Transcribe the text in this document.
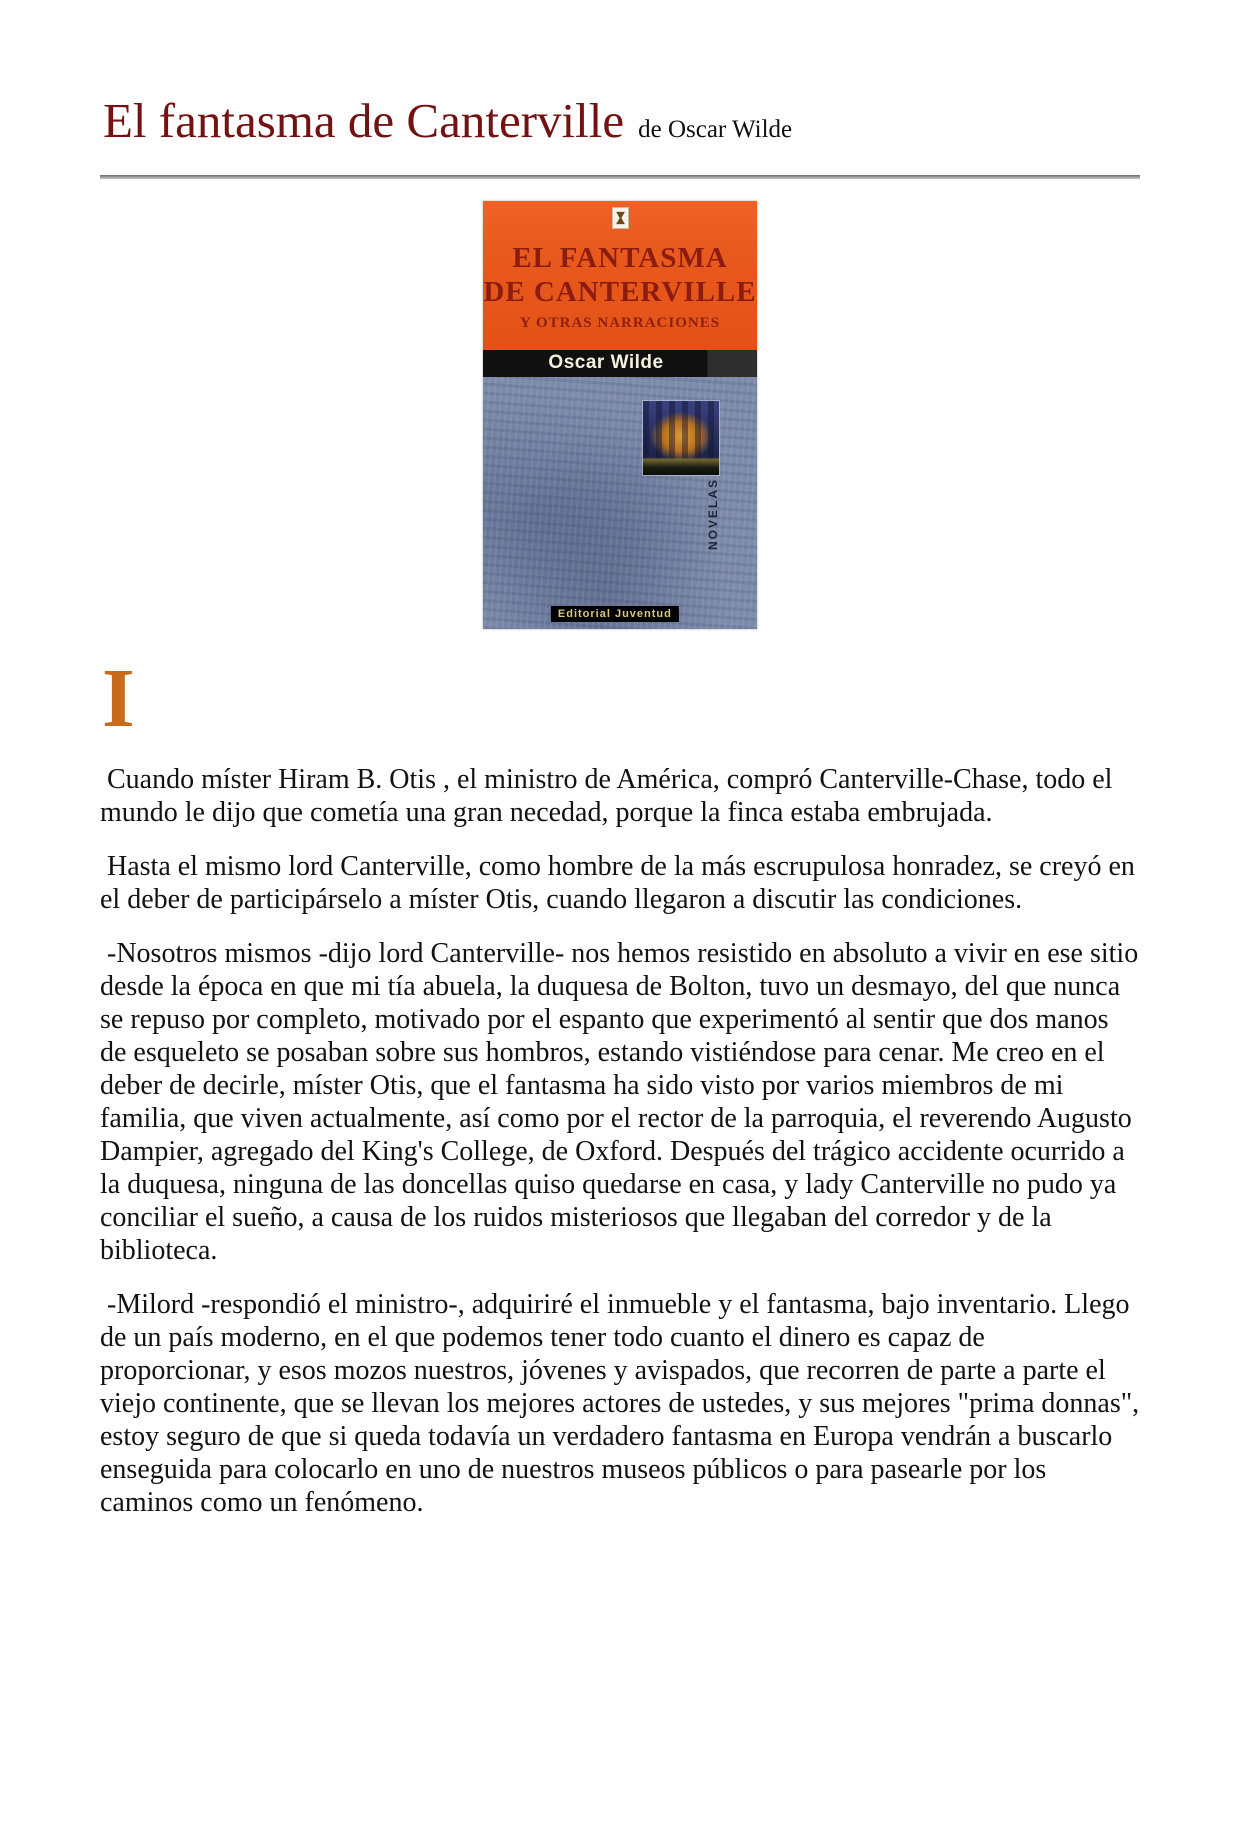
El fantasma de Canterville de Oscar Wilde
EL FANTASMA
DE CANTERVILLE
Y OTRAS NARRACIONES
Oscar Wilde
NOVELAS
Editorial Juventud
I

Cuando míster Hiram B. Otis , el ministro de América, compró Canterville-Chase, todo el mundo le dijo que cometía una gran necedad, porque la finca estaba embrujada.

Hasta el mismo lord Canterville, como hombre de la más escrupulosa honradez, se creyó en el deber de participárselo a míster Otis, cuando llegaron a discutir las condiciones.

-Nosotros mismos -dijo lord Canterville- nos hemos resistido en absoluto a vivir en ese sitio desde la época en que mi tía abuela, la duquesa de Bolton, tuvo un desmayo, del que nunca se repuso por completo, motivado por el espanto que experimentó al sentir que dos manos de esqueleto se posaban sobre sus hombros, estando vistiéndose para cenar. Me creo en el deber de decirle, míster Otis, que el fantasma ha sido visto por varios miembros de mi familia, que viven actualmente, así como por el rector de la parroquia, el reverendo Augusto Dampier, agregado del King's College, de Oxford. Después del trágico accidente ocurrido a la duquesa, ninguna de las doncellas quiso quedarse en casa, y lady Canterville no pudo ya conciliar el sueño, a causa de los ruidos misteriosos que llegaban del corredor y de la biblioteca.

-Milord -respondió el ministro-, adquiriré el inmueble y el fantasma, bajo inventario. Llego de un país moderno, en el que podemos tener todo cuanto el dinero es capaz de proporcionar, y esos mozos nuestros, jóvenes y avispados, que recorren de parte a parte el viejo continente, que se llevan los mejores actores de ustedes, y sus mejores "prima donnas", estoy seguro de que si queda todavía un verdadero fantasma en Europa vendrán a buscarlo enseguida para colocarlo en uno de nuestros museos públicos o para pasearle por los caminos como un fenómeno.
